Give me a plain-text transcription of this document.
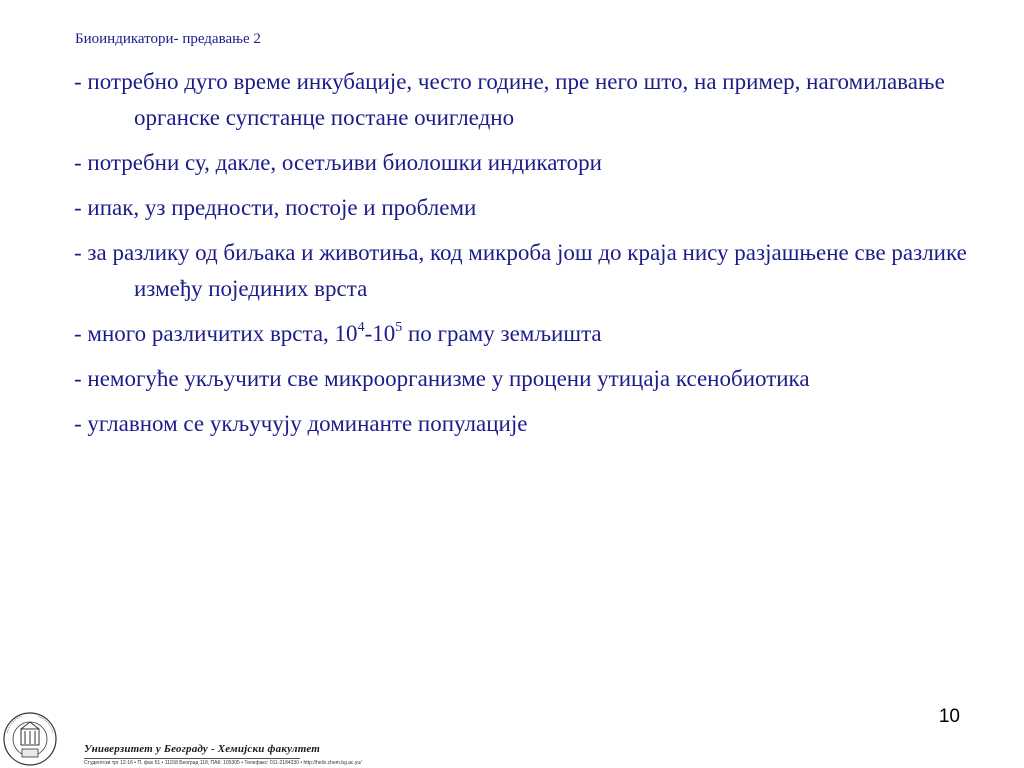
Биоиндикатори- предавање 2
- потребно дуго време инкубације, често године, пре него што, на пример, нагомилавање органске супстанце постане очигледно
- потребни су, дакле, осетљиви биолошки индикатори
- ипак, уз предности, постоје и проблеми
- за разлику од биљака и животиња, код микроба још до краја нису разјашњене све разлике између појединих врста
- много различитих врста, $10^4-10^5$ по граму земљишта
- немогуће укључити све микроорганизме у процени утицаја ксенобиотика
- углавном се укључују доминанте популације
10
Универзитет у Београду - Хемијски факултет
Студентски трг 12-16 • П. фах 51 • 11158 Београд 118, ПАК: 105305 • Телефакс: 011-2184330 • http://helix.chem.bg.ac.yu/
